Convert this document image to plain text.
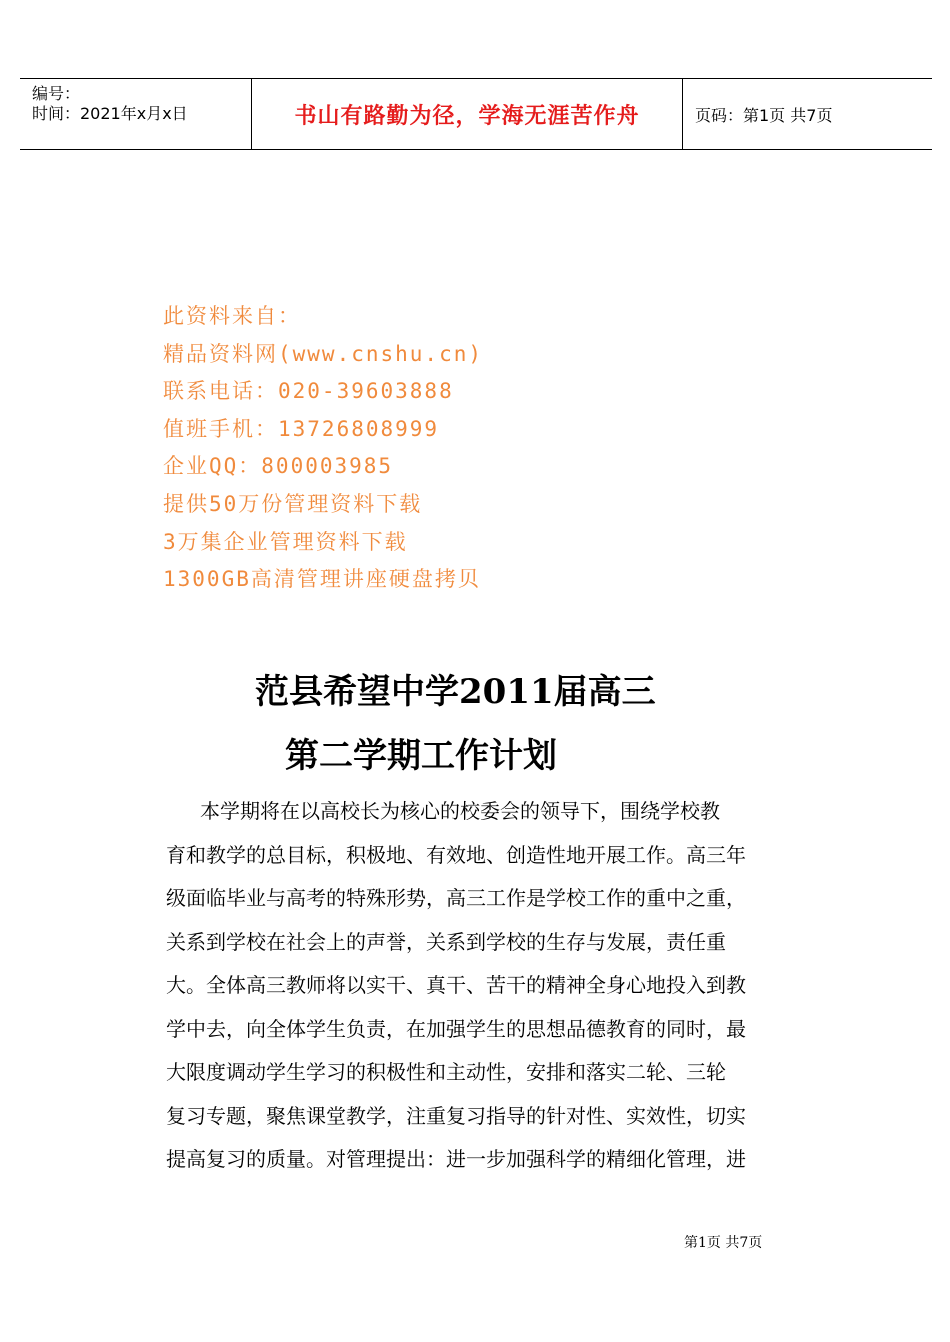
编号：
时间：2021年x月x日	书山有路勤为径，学海无涯苦作舟	页码：第1页 共7页
此资料来自：
精品资料网(www.cnshu.cn)
联系电话：020-39603888
值班手机：13726808999
企业QQ：800003985
提供50万份管理资料下载
3万集企业管理资料下载
1300GB高清管理讲座硬盘拷贝
范县希望中学2011届高三
第二学期工作计划
本学期将在以高校长为核心的校委会的领导下，围绕学校教
育和教学的总目标，积极地、有效地、创造性地开展工作。高三年
级面临毕业与高考的特殊形势，高三工作是学校工作的重中之重，
关系到学校在社会上的声誉，关系到学校的生存与发展，责任重
大。全体高三教师将以实干、真干、苦干的精神全身心地投入到教
学中去，向全体学生负责，在加强学生的思想品德教育的同时，最
大限度调动学生学习的积极性和主动性，安排和落实二轮、三轮
复习专题，聚焦课堂教学，注重复习指导的针对性、实效性，切实
提高复习的质量。对管理提出：进一步加强科学的精细化管理，进
第1页 共7页
